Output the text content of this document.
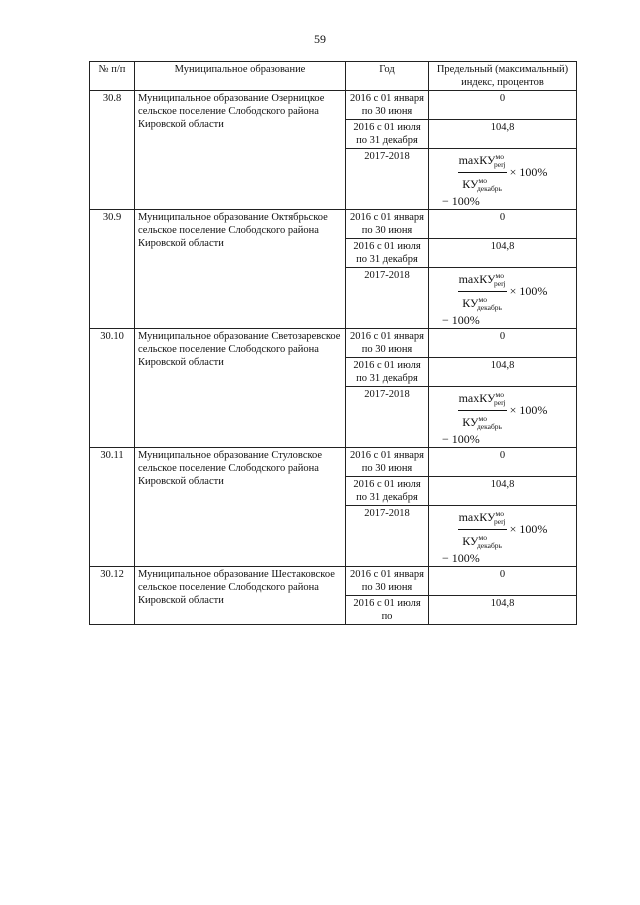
59
№ п/п	Муниципальное образование	Год	Предельный (максимальный) индекс, процентов
30.8	Муниципальное образование Озерницкое сельское поселение Слободского района Кировской области	2016 с 01 января по 30 июня	0
		2016 с 01 июля по 31 декабря	104,8
		2017-2018	$\frac{\max КУ^{мо}_{perj}}{КУ^{мо}_{декабрь}} \times 100\%$
− 100%

30.9	Муниципальное образование Октябрьское сельское поселение Слободского района Кировской области	2016 с 01 января по 30 июня	0
		2016 с 01 июля по 31 декабря	104,8
		2017-2018	$\frac{\max КУ^{мо}_{perj}}{КУ^{мо}_{декабрь}} \times 100\%$
− 100%

30.10	Муниципальное образование Светозаревское сельское поселение Слободского района Кировской области	2016 с 01 января по 30 июня	0
		2016 с 01 июля по 31 декабря	104,8
		2017-2018	$\frac{\max КУ^{мо}_{perj}}{КУ^{мо}_{декабрь}} \times 100\%$
− 100%

30.11	Муниципальное образование Стуловское сельское поселение Слободского района Кировской области	2016 с 01 января по 30 июня	0
		2016 с 01 июля по 31 декабря	104,8
		2017-2018	$\frac{\max КУ^{мо}_{perj}}{КУ^{мо}_{декабрь}} \times 100\%$
− 100%

30.12	Муниципальное образование Шестаковское сельское поселение Слободского района Кировской области	2016 с 01 января по 30 июня	0
		2016 с 01 июля по	104,8
